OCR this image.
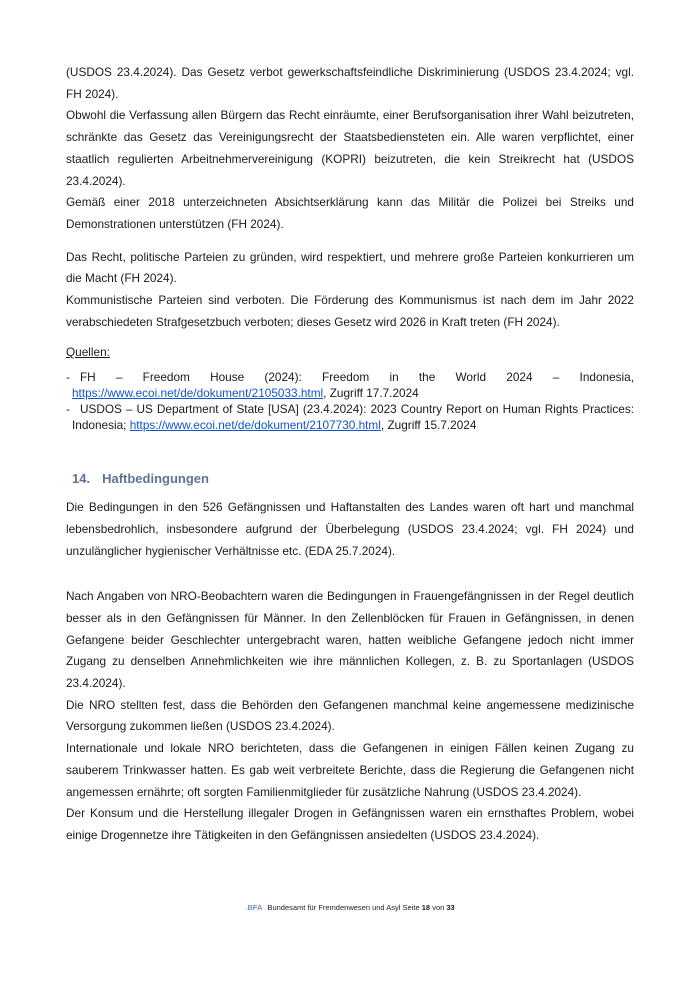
(USDOS 23.4.2024). Das Gesetz verbot gewerkschaftsfeindliche Diskriminierung (USDOS 23.4.2024; vgl. FH 2024).

Obwohl die Verfassung allen Bürgern das Recht einräumte, einer Berufsorganisation ihrer Wahl beizutreten, schränkte das Gesetz das Vereinigungsrecht der Staatsbediensteten ein. Alle waren verpflichtet, einer staatlich regulierten Arbeitnehmervereinigung (KOPRI) beizutreten, die kein Streikrecht hat (USDOS 23.4.2024).

Gemäß einer 2018 unterzeichneten Absichtserklärung kann das Militär die Polizei bei Streiks und Demonstrationen unterstützen (FH 2024).

Das Recht, politische Parteien zu gründen, wird respektiert, und mehrere große Parteien konkurrieren um die Macht (FH 2024).

Kommunistische Parteien sind verboten. Die Förderung des Kommunismus ist nach dem im Jahr 2022 verabschiedeten Strafgesetzbuch verboten; dieses Gesetz wird 2026 in Kraft treten (FH 2024).

Quellen:
- FH – Freedom House (2024): Freedom in the World 2024 – Indonesia, https://www.ecoi.net/de/dokument/2105033.html, Zugriff 17.7.2024
- USDOS – US Department of State [USA] (23.4.2024): 2023 Country Report on Human Rights Practices: Indonesia; https://www.ecoi.net/de/dokument/2107730.html, Zugriff 15.7.2024
14. Haftbedingungen

Die Bedingungen in den 526 Gefängnissen und Haftanstalten des Landes waren oft hart und manchmal lebensbedrohlich, insbesondere aufgrund der Überbelegung (USDOS 23.4.2024; vgl. FH 2024) und unzulänglicher hygienischer Verhältnisse etc. (EDA 25.7.2024).

Nach Angaben von NRO-Beobachtern waren die Bedingungen in Frauengefängnissen in der Regel deutlich besser als in den Gefängnissen für Männer. In den Zellenblöcken für Frauen in Gefängnissen, in denen Gefangene beider Geschlechter untergebracht waren, hatten weibliche Gefangene jedoch nicht immer Zugang zu denselben Annehmlichkeiten wie ihre männlichen Kollegen, z. B. zu Sportanlagen (USDOS 23.4.2024).

Die NRO stellten fest, dass die Behörden den Gefangenen manchmal keine angemessene medizinische Versorgung zukommen ließen (USDOS 23.4.2024).

Internationale und lokale NRO berichteten, dass die Gefangenen in einigen Fällen keinen Zugang zu sauberem Trinkwasser hatten. Es gab weit verbreitete Berichte, dass die Regierung die Gefangenen nicht angemessen ernährte; oft sorgten Familienmitglieder für zusätzliche Nahrung (USDOS 23.4.2024).

Der Konsum und die Herstellung illegaler Drogen in Gefängnissen waren ein ernsthaftes Problem, wobei einige Drogennetze ihre Tätigkeiten in den Gefängnissen ansiedelten (USDOS 23.4.2024).

.BFA Bundesamt für Fremdenwesen und Asyl Seite 18 von 33
